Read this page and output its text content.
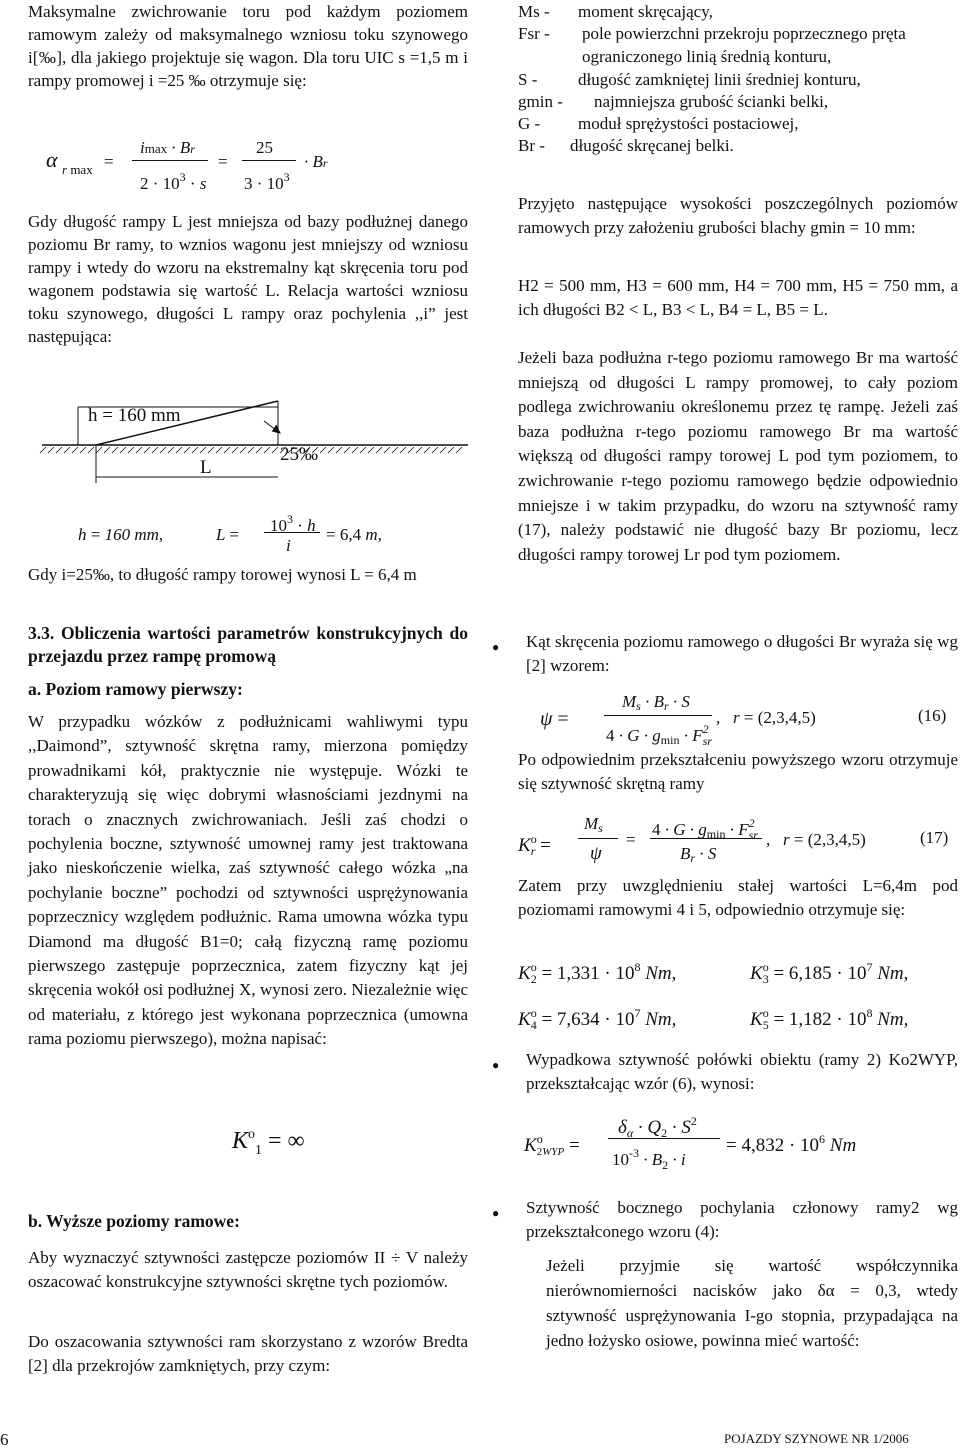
Maksymalne zwichrowanie toru pod każdym poziomem ramowym zależy od maksymalnego wzniosu toku szynowego i[‰], dla jakiego projektuje się wagon. Dla toru UIC s =1,5 m i rampy promowej i =25 ‰ otrzymuje się:

α r max =
imax · Br
$2 \cdot 10^3 \cdot s$
=
25
$3 \cdot 10^3$
· Br

Gdy długość rampy L jest mniejsza od bazy podłużnej danego poziomu Br ramy, to wznios wagonu jest mniejszy od wzniosu rampy i wtedy do wzoru na ekstremalny kąt skręcenia toru pod wagonem podstawia się wartość L. Relacja wartości wzniosu toku szynowego, długości L rampy oraz pochylenia ,,i” jest następująca:

h = 160 mm
25‰
L
h = 160 mm,	$L = 10^3 \cdot h$
i
= 6,4 m,

Gdy i=25‰, to długość rampy torowej wynosi L = 6,4 m

3.3. Obliczenia wartości parametrów konstrukcyjnych do przejazdu przez rampę promową

a. Poziom ramowy pierwszy:

W przypadku wózków z podłużnicami wahliwymi typu ,,Daimond”, sztywność skrętna ramy, mierzona pomiędzy prowadnikami kół, praktycznie nie występuje. Wózki te charakteryzują się więc dobrymi własnościami jezdnymi na torach o znacznych zwichrowaniach. Jeśli zaś chodzi o pochylenia boczne, sztywność umownej ramy jest traktowana jako nieskończenie wielka, zaś sztywność całego wózka „na pochylanie boczne” pochodzi od sztywności usprężynowania poprzecznicy względem podłużnic. Rama umowna wózka typu Diamond ma długość B1=0; całą fizyczną ramę poziomu pierwszego zastępuje poprzecznica, zatem fizyczny kąt jej skręcenia wokół osi podłużnej X, wynosi zero. Niezależnie więc od materiału, z którego jest wykonana poprzecznica (umowna rama poziomu pierwszego), można napisać:

$K^o_1$ = ∞

b. Wyższe poziomy ramowe:

Aby wyznaczyć sztywności zastępcze poziomów II ÷ V należy oszacować konstrukcyjne sztywności skrętne tych poziomów.

Do oszacowania sztywności ram skorzystano z wzorów Bredta [2] dla przekrojów zamkniętych, przy czym:

6
Ms - moment skręcający,
Fsr - pole powierzchni przekroju poprzecznego pręta ograniczonego linią średnią konturu,
S - długość zamkniętej linii średniej konturu,
gmin - najmniejsza grubość ścianki belki,
G - moduł sprężystości postaciowej,
Br - długość skręcanej belki.

Przyjęto następujące wysokości poszczególnych poziomów ramowych przy założeniu grubości blachy gmin = 10 mm:

H2 = 500 mm, H3 = 600 mm, H4 = 700 mm, H5 = 750 mm, a ich długości B2 < L, B3 < L, B4 = L, B5 = L.

Jeżeli baza podłużna r-tego poziomu ramowego Br ma wartość mniejszą od długości L rampy promowej, to cały poziom podlega zwichrowaniu określonemu przez tę rampę. Jeżeli zaś baza podłużna r-tego poziomu ramowego Br ma wartość większą od długości rampy torowej L pod tym poziomem, to zwichrowanie r-tego poziomu ramowego będzie odpowiednio mniejsze i w takim przypadku, do wzoru na sztywność ramy (17), należy podstawić nie długość bazy Br poziomu, lecz długości rampy torowej Lr pod tym poziomem.

● Kąt skręcenia poziomu ramowego o długości Br wyraża się wg [2] wzorem:

ψ =
$M_s \cdot B_r \cdot S$
$4 \cdot G \cdot g_{min} \cdot F^2_{sr}$
,   r = (2,3,4,5)	(16)

Po odpowiednim przekształceniu powyższego wzoru otrzymuje się sztywność skrętną ramy

$K^o_r$ =
$M_s$
ψ
=
$4 \cdot G \cdot g_{min} \cdot F^2_{sr}$
$B_r \cdot S$
,   r = (2,3,4,5)	(17)

Zatem przy uwzględnieniu stałej wartości L=6,4m pod poziomami ramowymi 4 i 5, odpowiednio otrzymuje się:

$K^o_2 = 1,331 \cdot 10^8$ Nm,	$K^o_3 = 6,185 \cdot 10^7$ Nm,
$K^o_4 = 7,634 \cdot 10^7$ Nm,	$K^o_5 = 1,182 \cdot 10^8$ Nm,
● Wypadkowa sztywność połówki obiektu (ramy 2) Ko2WYP, przekształcając wzór (6), wynosi:

$K^o_{2WYP}$ =
$\delta_\alpha \cdot Q_2 \cdot S^2$
$10^{-3} \cdot B_2 \cdot i$
= $4,832 \cdot 10^6$ Nm
● Sztywność bocznego pochylania członowy ramy2 wg przekształconego wzoru (4):

Jeżeli przyjmie się wartość współczynnika nierównomierności nacisków jako δα = 0,3, wtedy sztywność usprężynowania I-go stopnia, przypadająca na jedno łożysko osiowe, powinna mieć wartość:

POJAZDY SZYNOWE NR 1/2006
